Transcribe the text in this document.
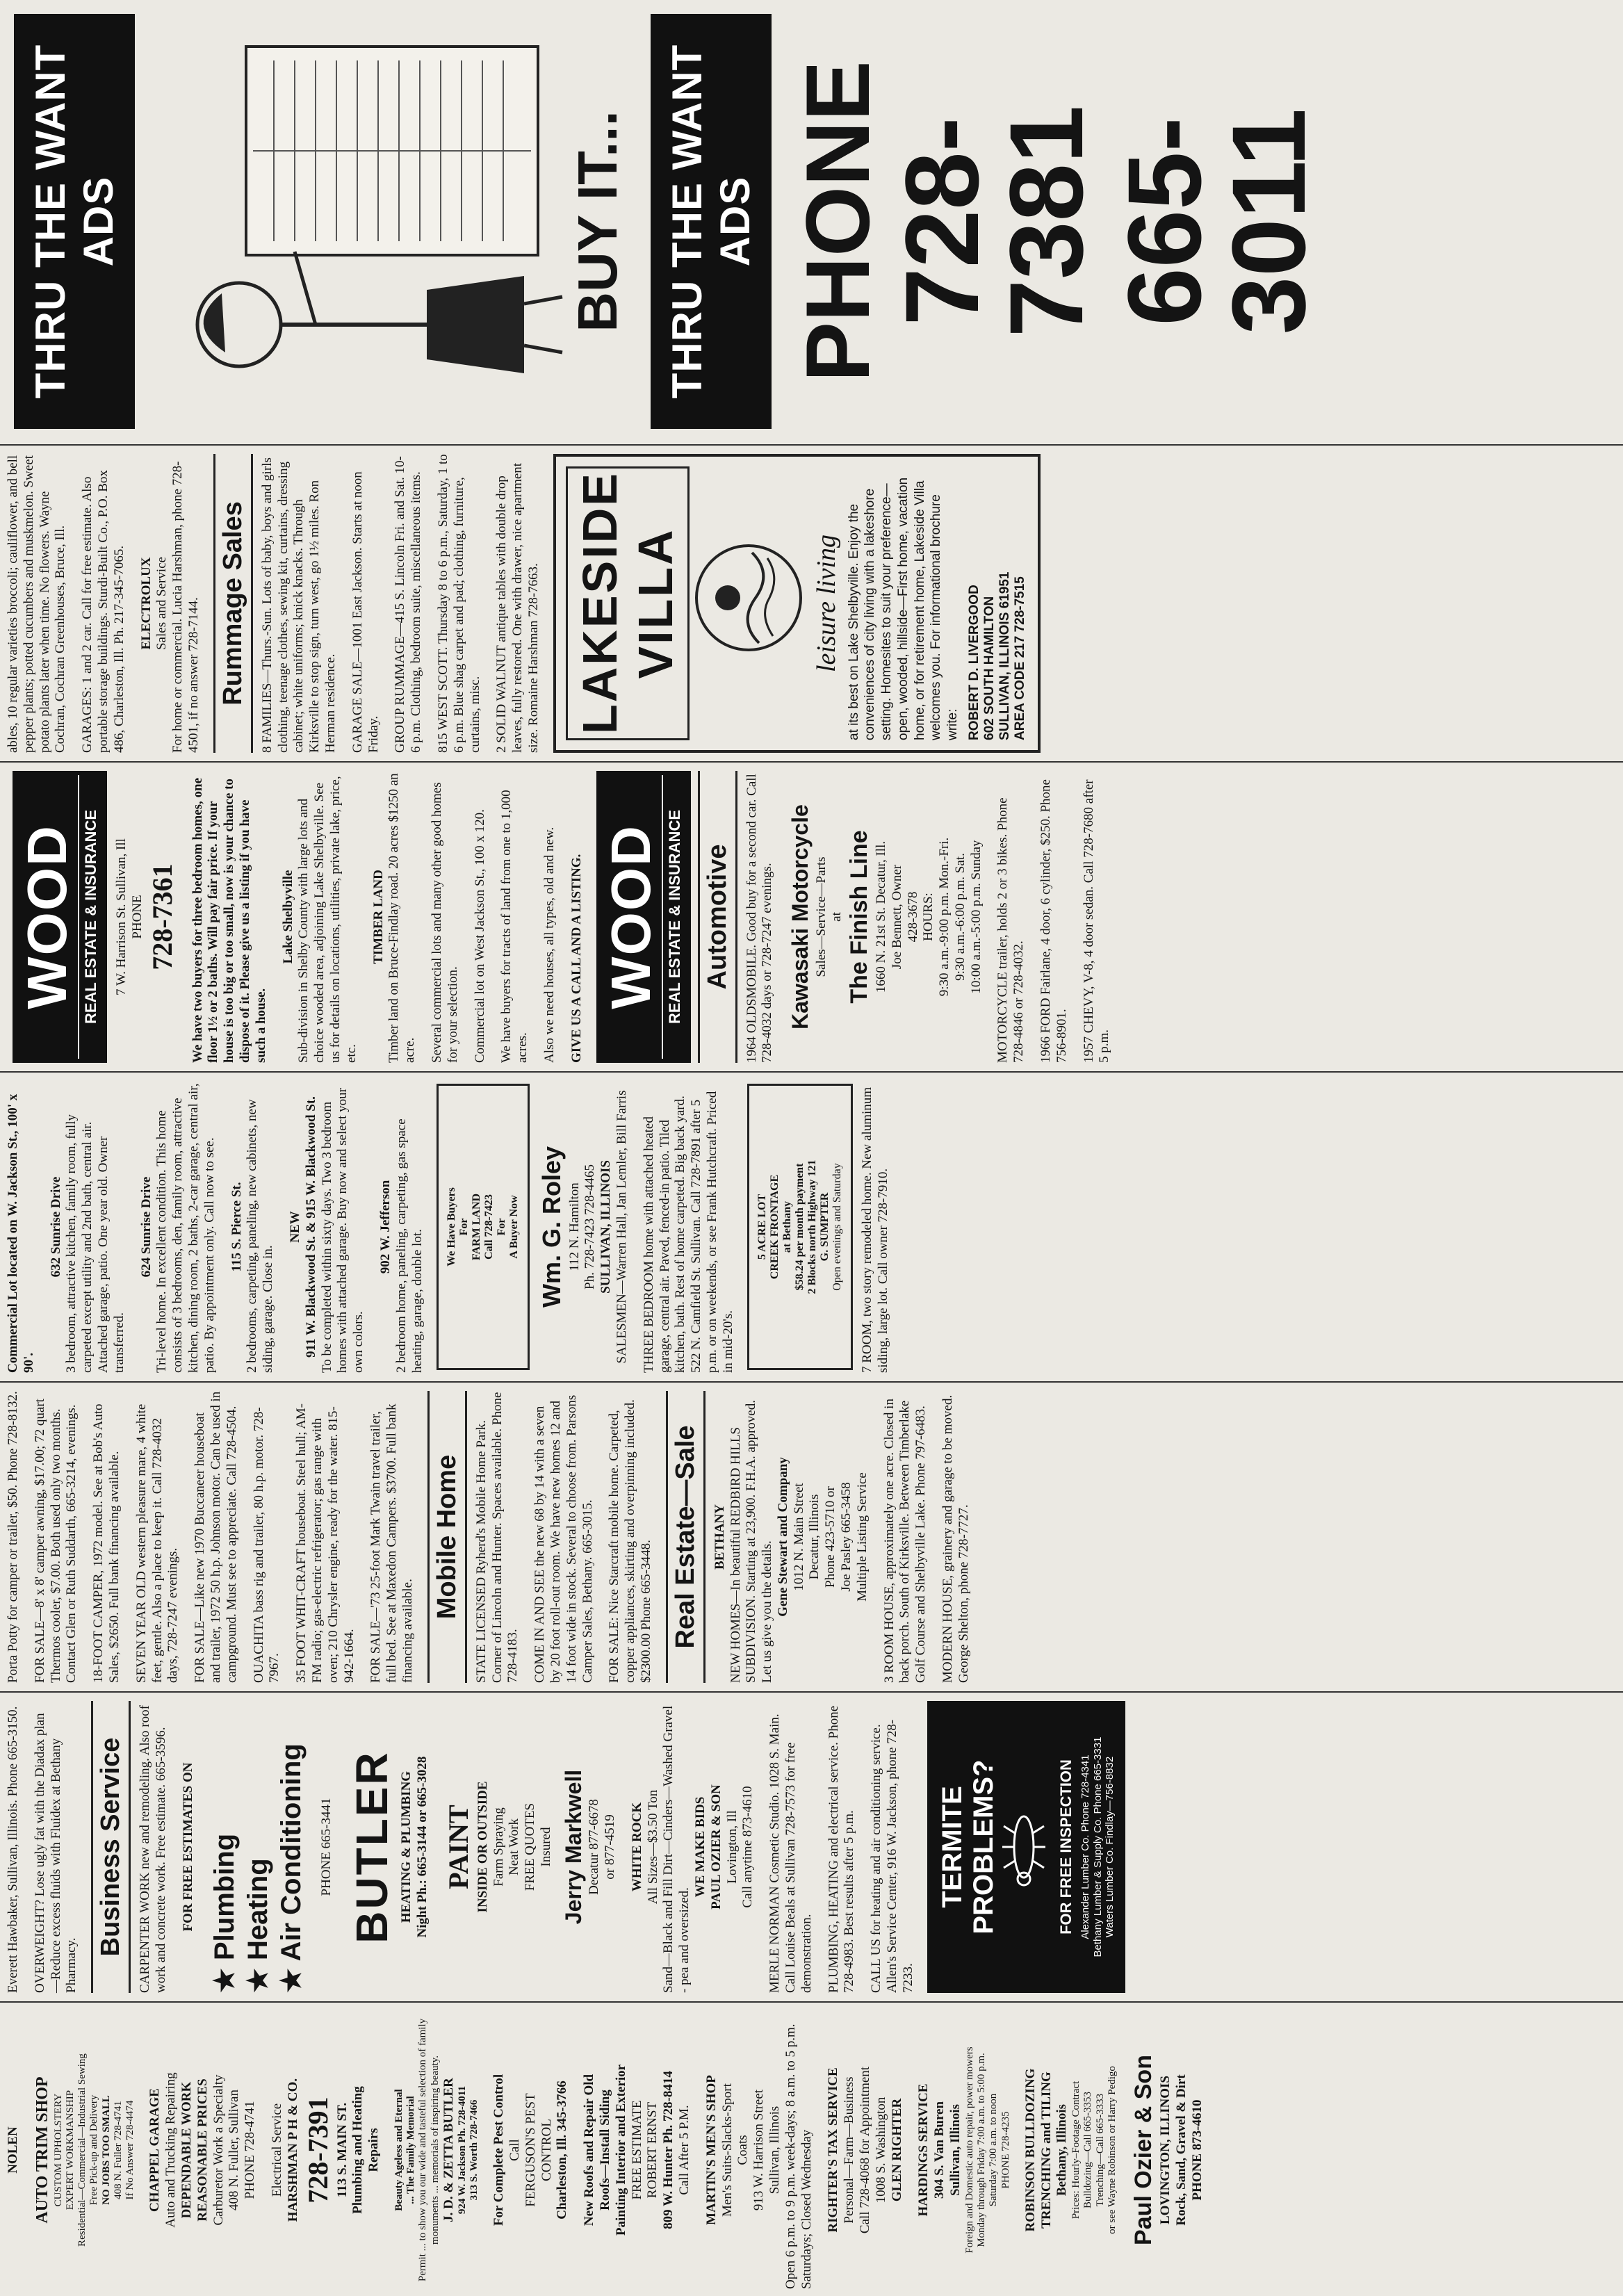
NOLEN AUTO TRIM SHOP CUSTOM UPHOLSTERY EXPERT WORKMANSHIP Residential—Commercial—Industrial Sewing Free Pick-up and Delivery NO JOBS TOO SMALL 408 N. Fuller 728-4741 If No Answer 728-4474 CHAPPEL GARAGE Auto and Trucking Repairing DEPENDABLE WORK REASONABLE PRICES Carburetor Work a Specialty 408 N. Fuller, Sullivan PHONE 728-4741 Electrical Service HARSHMAN P H & CO. 728-7391 113 S. MAIN ST. Plumbing and Heating Repairs Beauty Ageless and Eternal ... The Family Memorial Permit ... to show you our wide and tasteful selection of family monuments ... memorials of inspiring beauty. J. D. & ZETTA BUTLER 924 W. Jackson Ph. 728-4011 313 S. Worth 728-7466 For Complete Pest Control Call FERGUSON'S PEST CONTROL Charleston, Ill. 345-3766 New Roofs and Repair Old Roofs—Install Siding Painting Interior and Exterior FREE ESTIMATE ROBERT ERNST 809 W. Hunter Ph. 728-8414 Call After 5 P.M. MARTIN'S MEN'S SHOP Men's Suits-Slacks-Sport Coats 913 W. Harrison Street Sullivan, Illinois Open 6 p.m. to 9 p.m. week-days; 8 a.m. to 5 p.m. Saturdays; Closed Wednesday RIGHTER'S TAX SERVICE Personal—Farm—Business Call 728-4068 for Appointment 1008 S. Washington GLEN RIGHTER HARDINGS SERVICE 304 S. Van Buren Sullivan, Illinois Foreign and Domestic auto repair, power mowers Monday through Friday 7:00 a.m. to 5:00 p.m. Saturday 7:00 a.m. to noon PHONE 728-4235 ROBINSON BULLDOZING TRENCHING and TILING Bethany, Illinois Prices: Hourly–Footage Contract Bulldozing—Call 665-3353 Trenching—Call 665-3333 or see Wayne Robinson or Harry Pedigo Paul Ozier & Son LOVINGTON, ILLINOIS Rock, Sand, Gravel & Dirt PHONE 873-4610
Everett Hawbaker, Sullivan, Illinois. Phone 665-3150. OVERWEIGHT? Lose ugly fat with the Diadax plan—Reduce excess fluids with Fluidex at Bethany Pharmacy.
Business Service CARPENTER WORK new and remodeling. Also roof work and concrete work. Free estimate. 665-3596. FOR FREE ESTIMATES ON ★ Plumbing ★ Heating ★ Air Conditioning PHONE 665-3441 BUTLER HEATING & PLUMBING Night Ph.: 665-3144 or 665-3028 PAINT INSIDE OR OUTSIDE Farm Spraying Neat Work FREE QUOTES Insured Jerry Markwell Decatur 877-6678 or 877-4519 WHITE ROCK All Sizes—$3.50 Ton Sand—Black and Fill Dirt—Cinders—Washed Gravel - pea and oversized.
WE MAKE BIDS PAUL OZIER & SON Lovington, Ill Call anytime 873-4610 MERLE NORMAN Cosmetic Studio. 1028 S. Main. Call Louise Beals at Sullivan 728-7573 for free demonstration. PLUMBING, HEATING and electrical service. Phone 728-4983. Best results after 5 p.m. CALL US for heating and air conditioning service. Allen's Service Center, 916 W. Jackson, phone 728-7233.
TERMITE PROBLEMS?	FOR FREE INSPECTION Alexander Lumber Co. Phone 728-4341 Bethany Lumber & Supply Co. Phone 665-3331 Waters Lumber Co. Findlay—756-8832
Porta Potty for camper or trailer, $50. Phone 728-8132. FOR SALE—8' x 8' camper awning, $17.00; 72 quart Thermos cooler, $7.00. Both used only two months. Contact Glen or Ruth Suddarth, 665-3214, evenings. 18-FOOT CAMPER, 1972 model. See at Bob's Auto Sales, $2650. Full bank financing available. SEVEN YEAR OLD western pleasure mare, 4 white feet, gentle. Also a place to keep it. Call 728-4032 days, 728-7247 evenings. FOR SALE—Like new 1970 Buccaneer houseboat and trailer, 1972 50 h.p. Johnson motor. Can be used in campground. Must see to appreciate. Call 728-4504. OUACHITA bass rig and trailer, 80 h.p. motor. 728-7967. 35 FOOT WHIT-CRAFT houseboat. Steel hull; AM-FM radio; gas-electric refrigerator; gas range with oven; 210 Chrysler engine, ready for the water. 815-942-1664. FOR SALE—'73 25-foot Mark Twain travel trailer, full bed. See at Maxedon Campers. $3700. Full bank financing available.
Mobile Home STATE LICENSED Ryherd's Mobile Home Park. Corner of Lincoln and Hunter. Spaces available. Phone 728-4183. COME IN AND SEE the new 68 by 14 with a seven by 20 foot roll-out room. We have new homes 12 and 14 foot wide in stock. Several to choose from. Parsons Camper Sales, Bethany. 665-3015. FOR SALE: Nice Starcraft mobile home. Carpeted, copper appliances, skirting and overpinning included. $2300.00 Phone 665-3448. Real Estate—Sale BETHANY NEW HOMES—In beautiful REDBIRD HILLS SUBDIVISION. Starting at 23,900. F.H.A. approved. Let us give you the details. Gene Stewart and Company 1012 N. Main Street Decatur, Illinois Phone 423-5710 or Joe Pasley 665-3458 Multiple Listing Service 3 ROOM HOUSE, approximately one acre. Closed in back porch. South of Kirksville. Between Timberlake Golf Course and Shelbyville Lake. Phone 797-6483. MODERN HOUSE, grainery and garage to be moved. George Shelton, phone 728-7727.
Commercial Lot located on W. Jackson St., 100' x 90'.
632 Sunrise Drive 3 bedroom, attractive kitchen, family room, fully carpeted except utility and 2nd bath, central air. Attached garage, patio. One year old. Owner transferred.
624 Sunrise Drive Tri-level home. In excellent condition. This home consists of 3 bedrooms, den, family room, attractive kitchen, dining room, 2 baths, 2-car garage, central air, patio. By appointment only. Call now to see. 115 S. Pierce St. 2 bedrooms, carpeting, paneling, new cabinets, new siding, garage. Close in.
NEW 911 W. Blackwood St. & 915 W. Blackwood St. To be completed within sixty days. Two 3 bedroom homes with attached garage. Buy now and select your own colors.
902 W. Jefferson 2 bedroom home, paneling, carpeting, gas space heating, garage, double lot.
We Have Buyers For FARM LAND Call 728-7423 For A Buyer Now Wm. G. Roley 112 N. Hamilton Ph. 728-7423 728-4465 SULLIVAN, ILLINOIS SALESMEN—Warren Hall, Jan Lemler, Bill Farris THREE BEDROOM home with attached heated garage, central air. Paved, fenced-in patio. Tiled kitchen, bath. Rest of home carpeted. Big back yard. 522 N. Camfield St. Sullivan. Call 728-7891 after 5 p.m. or on weekends, or see Frank Hutchcraft. Priced in mid-20's.
5 ACRE LOT CREEK FRONTAGE at Bethany $58.24 per month payment 2 Blocks north Highway 121 G. SUMPTER Open evenings and Saturday 7 ROOM, two story remodeled home. New aluminum siding, large lot. Call owner 728-7910.
WOOD REAL ESTATE & INSURANCE 7 W. Harrison St. Sullivan, Ill PHONE 728-7361 We have two buyers for three bedroom homes, one floor 1½ or 2 baths. Will pay fair price. If your house is too big or too small, now is your chance to dispose of it. Please give us a listing if you have such a house.
Lake Shelbyville Sub-division in Shelby County with large lots and choice wooded area, adjoining Lake Shelbyville. See us for details on locations, utilities, private lake, price, etc.
TIMBER LAND Timber land on Bruce-Findlay road. 20 acres $1250 an acre. Several commercial lots and many other good homes for your selection. Commercial lot on West Jackson St., 100 x 120. We have buyers for tracts of land from one to 1,000 acres. Also we need houses, all types, old and new. GIVE US A CALL AND A LISTING. WOOD REAL ESTATE & INSURANCE Automotive 1964 OLDSMOBILE. Good buy for a second car. Call 728-4032 days or 728-7247 evenings. Kawasaki Motorcycle Sales—Service—Parts at The Finish Line 1660 N. 21st St. Decatur, Ill. Joe Bennett, Owner 428-3678 HOURS: 9:30 a.m.-9:00 p.m. Mon.-Fri. 9:30 a.m.-6:00 p.m. Sat. 10:00 a.m.-5:00 p.m. Sunday MOTORCYCLE trailer, holds 2 or 3 bikes. Phone 728-4846 or 728-4032. 1966 FORD Fairlane, 4 door, 6 cylinder, $250. Phone 756-8901. 1957 CHEVY, V-8, 4 door sedan. Call 728-7680 after 5 p.m.
ables, 10 regular varieties broccoli; cauliflower, and bell pepper plants; potted cucumbers and muskmelon. Sweet potato plants later when time. No flowers. Wayne Cochran, Cochran Greenhouses, Bruce, Ill. GARAGES: 1 and 2 car. Call for free estimate. Also portable storage buildings. Sturdi-Built Co., P.O. Box 486, Charleston, Ill. Ph. 217-345-7065. ELECTROLUX Sales and Service For home or commercial. Lucia Harshman, phone 728-4501, if no answer 728-7144. Rummage Sales 8 FAMILIES—Thurs.-Sun. Lots of baby, boys and girls clothing, teenage clothes, sewing kit, curtains, dressing cabinet; white uniforms; knick knacks. Through Kirksville to stop sign, turn west, go 1½ miles. Ron Herman residence. GARAGE SALE—1001 East Jackson. Starts at noon Friday. GROUP RUMMAGE—415 S. Lincoln Fri. and Sat. 10-6 p.m. Clothing, bedroom suite, miscellaneous items. 815 WEST SCOTT. Thursday 8 to 6 p.m., Saturday, 1 to 6 p.m. Blue shag carpet and pad; clothing, furniture, curtains, misc. 2 SOLID WALNUT antique tables with double drop leaves, fully restored. One with drawer, nice apartment size. Romaine Harshman 728-7663. LAKESIDE VILLA	leisure living at its best on Lake Shelbyville. Enjoy the conveniences of city living with a lakeshore setting. Homesites to suit your preference—open, wooded, hillside—First home, vacation home, or for retirement home, Lakeside Villa welcomes you. For informational brochure write: ROBERT D. LIVERGOOD 602 SOUTH HAMILTON SULLIVAN, ILLINOIS 61951 AREA CODE 217 728-7515
THRU THE WANT ADS	BUY IT... THRU THE WANT ADS PHONE
728-7381 665-3011
